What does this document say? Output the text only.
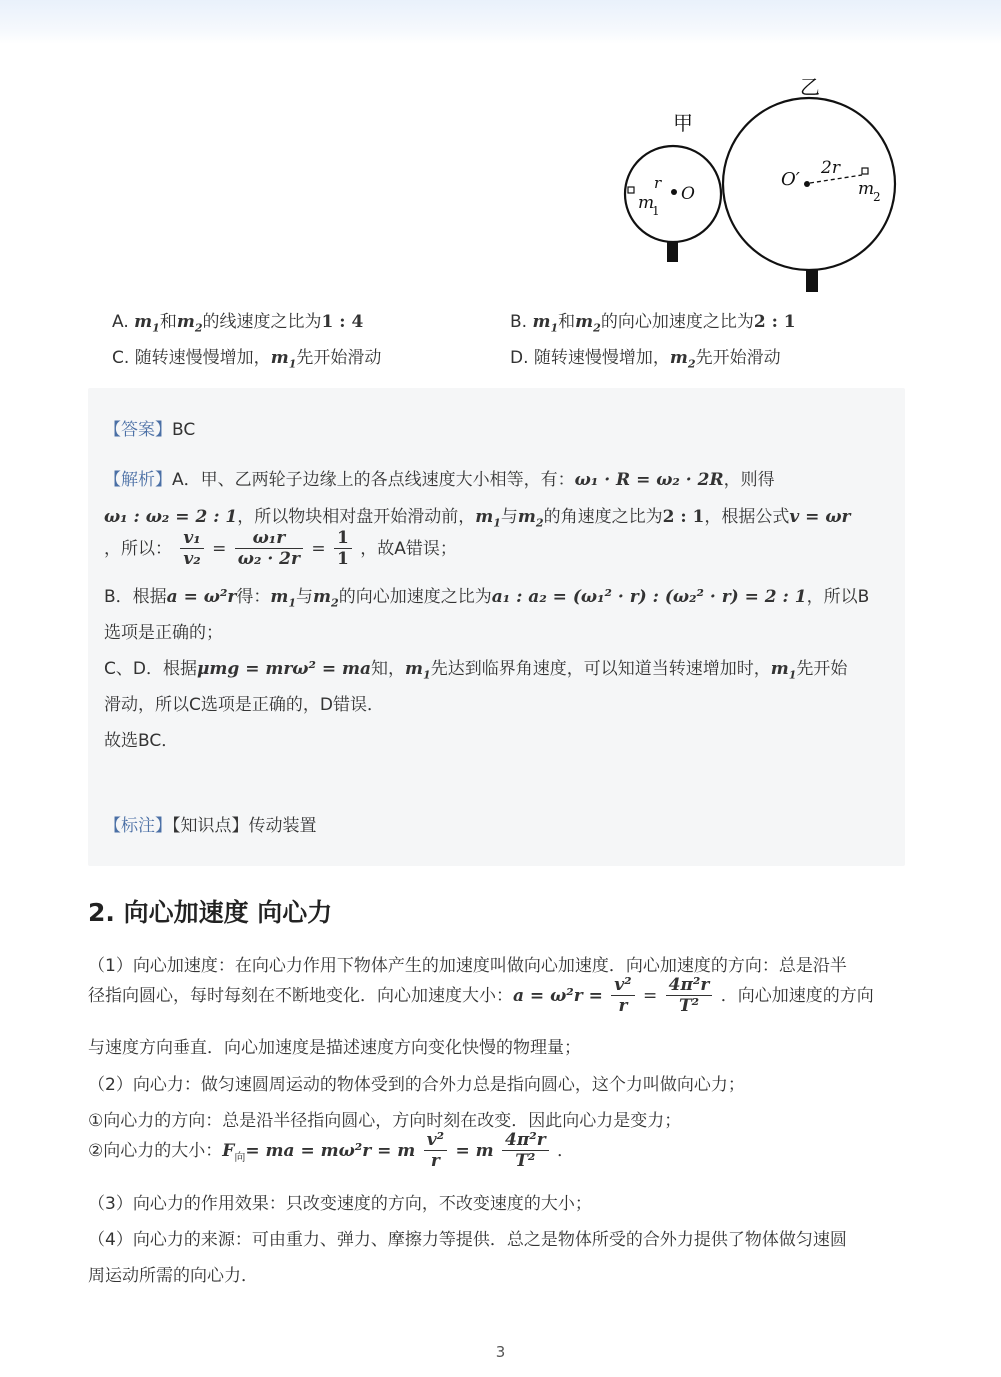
甲
r
O
m
1
乙
O′
2r
m
2
A. $m_1$和$m_2$的线速度之比为1 : 4	B. $m_1$和$m_2$的向心加速度之比为2 : 1
C. 随转速慢慢增加，$m_1$先开始滑动	D. 随转速慢慢增加，$m_2$先开始滑动
【答案】BC
【解析】A．甲、乙两轮子边缘上的各点线速度大小相等，有：ω₁ · R = ω₂ · 2R，则得
ω₁ : ω₂ = 2 : 1，所以物块相对盘开始滑动前，$m_1$与$m_2$的角速度之比为2 : 1，根据公式v = ωr
，所以： $\frac{\text{v₁}}{\text{v₂}} = \frac{\text{ω₁r}}{\text{ω₂ · 2r}} = \frac{1}{1}$ ，故A错误；
B．根据a = ω²r得：$m_1$与$m_2$的向心加速度之比为a₁ : a₂ = (ω₁² · r) : (ω₂² · r) = 2 : 1，所以B
选项是正确的；
C、D．根据μmg = mrω² = ma知，$m_1$先达到临界角速度，可以知道当转速增加时，$m_1$先开始
滑动，所以C选项是正确的，D错误．
故选BC．
【标注】【知识点】传动装置
2. 向心加速度 向心力
（1）向心加速度：在向心力作用下物体产生的加速度叫做向心加速度．向心加速度的方向：总是沿半
径指向圆心，每时每刻在不断地变化．向心加速度大小：$a = \omega^2r = \frac{\text{v²}}{r} = \frac{\text{4π²r}}{\text{T²}}$ ．向心加速度的方向
与速度方向垂直．向心加速度是描述速度方向变化快慢的物理量；
（2）向心力：做匀速圆周运动的物体受到的合外力总是指向圆心，这个力叫做向心力；
①向心力的方向：总是沿半径指向圆心，方向时刻在改变．因此向心力是变力；
②向心力的大小：$F_向=$ ma = mω²r = m $\frac{\text{v²}}{r} = m \frac{\text{4π²r}}{\text{T²}}$ ．
（3）向心力的作用效果：只改变速度的方向，不改变速度的大小；
（4）向心力的来源：可由重力、弹力、摩擦力等提供．总之是物体所受的合外力提供了物体做匀速圆
周运动所需的向心力．
3
